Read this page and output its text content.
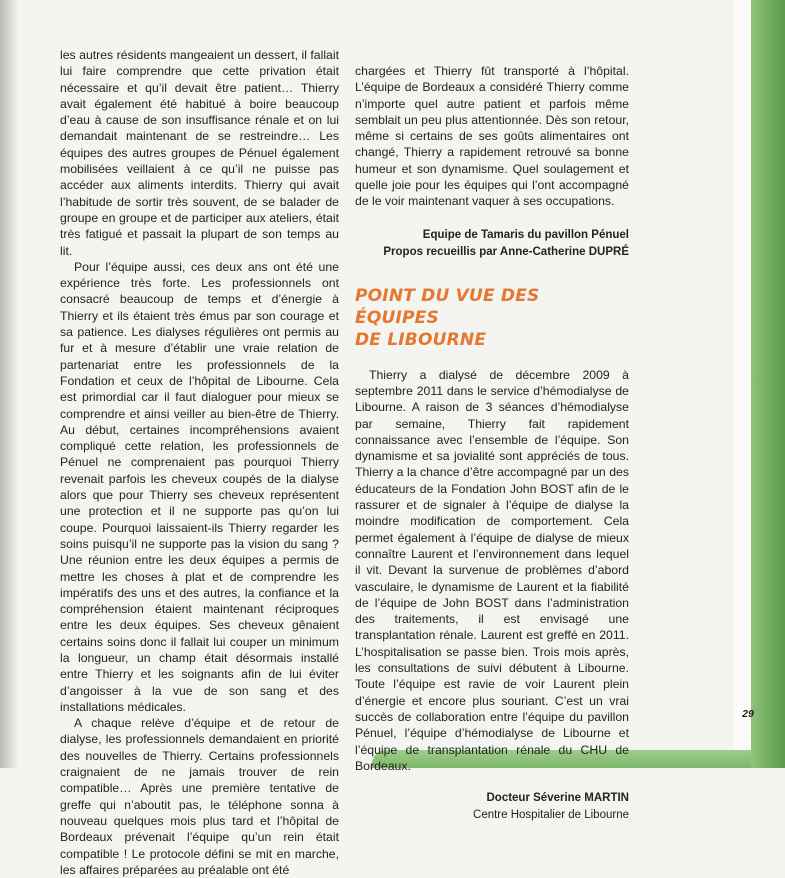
les autres résidents mangeaient un dessert, il fallait lui faire comprendre que cette privation était nécessaire et qu’il devait être patient… Thierry avait également été habitué à boire beaucoup d’eau à cause de son insuffisance rénale et on lui demandait maintenant de se restreindre… Les équipes des autres groupes de Pénuel également mobilisées veillaient à ce qu’il ne puisse pas accéder aux aliments interdits. Thierry qui avait l’habitude de sortir très souvent, de se balader de groupe en groupe et de participer aux ateliers, était très fatigué et passait la plupart de son temps au lit.

Pour l’équipe aussi, ces deux ans ont été une expérience très forte. Les professionnels ont consacré beaucoup de temps et d’énergie à Thierry et ils étaient très émus par son courage et sa patience. Les dialyses régulières ont permis au fur et à mesure d’établir une vraie relation de partenariat entre les professionnels de la Fondation et ceux de l’hôpital de Libourne. Cela est primordial car il faut dialoguer pour mieux se comprendre et ainsi veiller au bien-être de Thierry. Au début, certaines incompréhensions avaient compliqué cette relation, les professionnels de Pénuel ne comprenaient pas pourquoi Thierry revenait parfois les cheveux coupés de la dialyse alors que pour Thierry ses cheveux représentent une protection et il ne supporte pas qu’on lui coupe. Pourquoi laissaient-ils Thierry regarder les soins puisqu’il ne supporte pas la vision du sang ? Une réunion entre les deux équipes a permis de mettre les choses à plat et de comprendre les impératifs des uns et des autres, la confiance et la compréhension étaient maintenant réciproques entre les deux équipes. Ses cheveux gênaient certains soins donc il fallait lui couper un minimum la longueur, un champ était désormais installé entre Thierry et les soignants afin de lui éviter d’angoisser à la vue de son sang et des installations médicales.

A chaque relève d’équipe et de retour de dialyse, les professionnels demandaient en priorité des nouvelles de Thierry. Certains professionnels craignaient de ne jamais trouver de rein compatible… Après une première tentative de greffe qui n’aboutit pas, le téléphone sonna à nouveau quelques mois plus tard et l’hôpital de Bordeaux prévenait l’équipe qu’un rein était compatible ! Le protocole défini se mit en marche, les affaires préparées au préalable ont été

chargées et Thierry fût transporté à l’hôpital. L’équipe de Bordeaux a considéré Thierry comme n’importe quel autre patient et parfois même semblait un peu plus attentionnée. Dès son retour, même si certains de ses goûts alimentaires ont changé, Thierry a rapidement retrouvé sa bonne humeur et son dynamisme. Quel soulagement et quelle joie pour les équipes qui l’ont accompagné de le voir maintenant vaquer à ses occupations.

Equipe de Tamaris du pavillon Pénuel

Propos recueillis par Anne-Catherine DUPRÉ

POINT DU VUE DES ÉQUIPES
DE LIBOURNE

Thierry a dialysé de décembre 2009 à septembre 2011 dans le service d’hémodialyse de Libourne. A raison de 3 séances d’hémodialyse par semaine, Thierry fait rapidement connaissance avec l’ensemble de l’équipe. Son dynamisme et sa jovialité sont appréciés de tous. Thierry a la chance d’être accompagné par un des éducateurs de la Fondation John BOST afin de le rassurer et de signaler à l’équipe de dialyse la moindre modification de comportement. Cela permet également à l’équipe de dialyse de mieux connaître Laurent et l’environnement dans lequel il vit. Devant la survenue de problèmes d’abord vasculaire, le dynamisme de Laurent et la fiabilité de l’équipe de John BOST dans l’administration des traitements, il est envisagé une transplantation rénale. Laurent est greffé en 2011. L’hospitalisation se passe bien. Trois mois après, les consultations de suivi débutent à Libourne. Toute l’équipe est ravie de voir Laurent plein d’énergie et encore plus souriant. C’est un vrai succès de collaboration entre l’équipe du pavillon Pénuel, l’équipe d’hémodialyse de Libourne et l’équipe de transplantation rénale du CHU de Bordeaux.

Docteur Séverine MARTIN

Centre Hospitalier de Libourne

29
